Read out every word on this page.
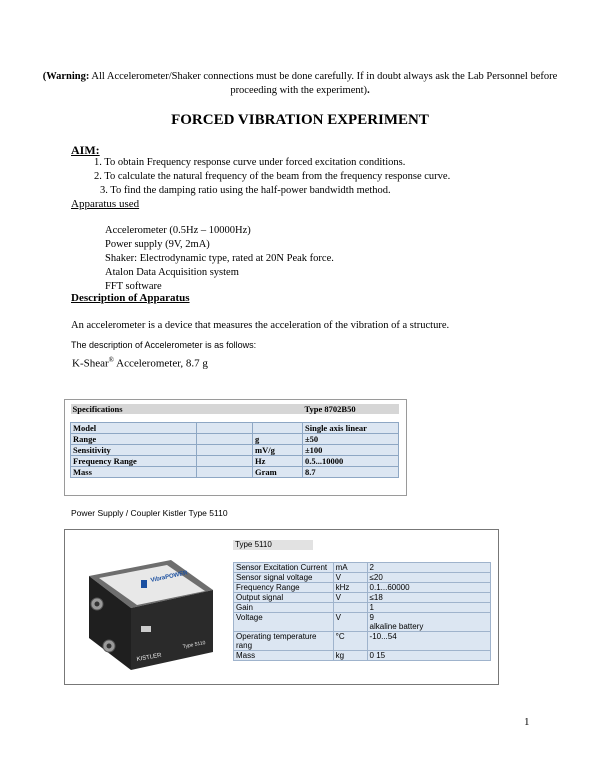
(Warning: All Accelerometer/Shaker connections must be done carefully. If in doubt always ask the Lab Personnel before proceeding with the experiment).
FORCED VIBRATION EXPERIMENT
AIM:
1. To obtain Frequency response curve under forced excitation conditions.
2. To calculate the natural frequency of the beam from the frequency response curve.
3. To find the damping ratio using the half-power bandwidth method.
Apparatus used
Accelerometer (0.5Hz – 10000Hz)
Power supply (9V, 2mA)
Shaker: Electrodynamic type, rated at 20N Peak force.
Atalon Data Acquisition system
FFT software
Description of Apparatus
An accelerometer is a device that measures the acceleration of the vibration of a structure.
The description of Accelerometer is as follows:
K-Shear® Accelerometer, 8.7 g
Specifications			Type 8702B50

Model			Single axis linear
Range		g	±50
Sensitivity		mV/g	±100
Frequency Range		Hz	0.5...10000
Mass		Gram	8.7
Power Supply / Coupler Kistler Type 5110
VibraPOWER
KISTLER
Type 5110
Type 5110
Sensor Excitation Current	mA	2
Sensor signal voltage	V	≤20
Frequency Range	kHz	0.1...60000
Output signal	V	≤18
Gain		1
Voltage	V	9
alkaline battery
Operating temperature rang	°C	-10...54
Mass	kg	0 15
1
